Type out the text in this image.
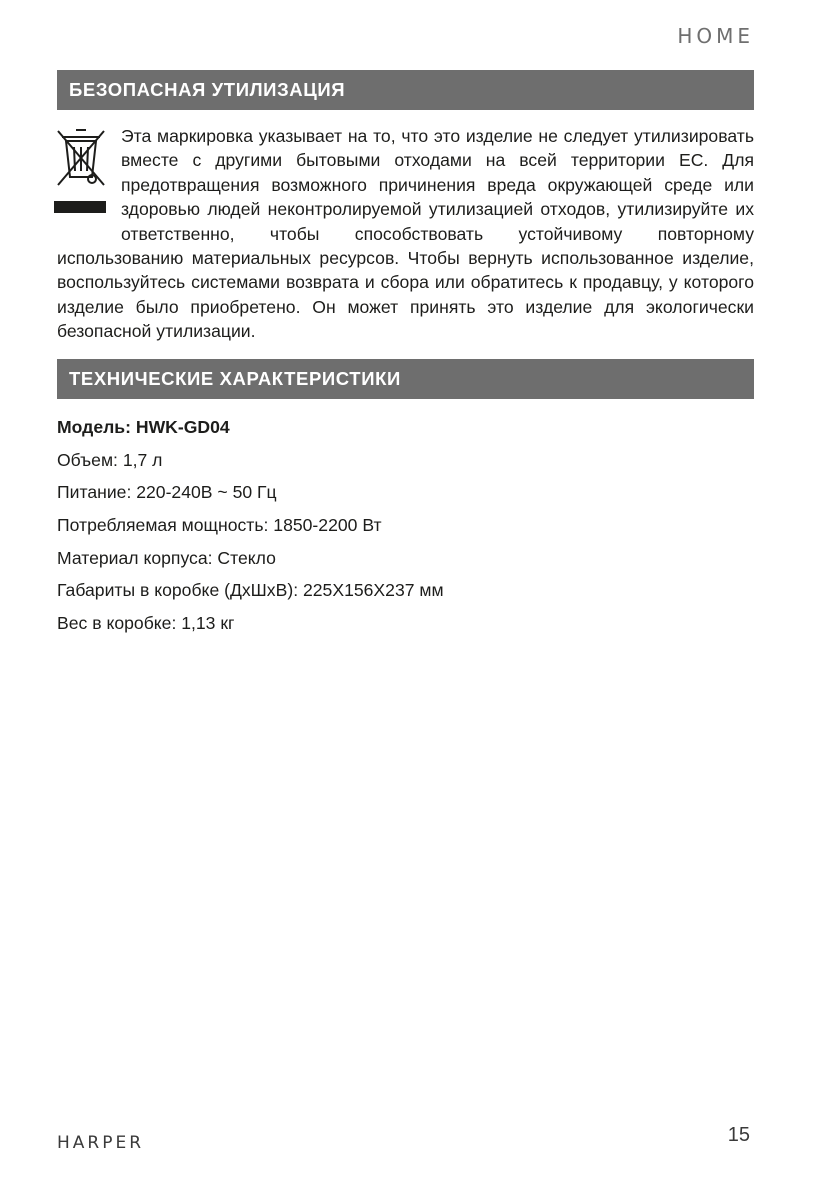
HOME
БЕЗОПАСНАЯ УТИЛИЗАЦИЯ

Эта маркировка указывает на то, что это изделие не следует утилизировать вместе с другими бытовыми отходами на всей территории ЕС. Для предотвращения возможного причинения вреда окружающей среде или здоровью людей неконтролируемой утилизацией отходов, утилизируйте их ответственно, чтобы способствовать устойчивому повторному использованию материальных ресурсов. Чтобы вернуть использованное изделие, воспользуйтесь системами возврата и сбора или обратитесь к продавцу, у которого изделие было приобретено. Он может принять это изделие для экологически безопасной утилизации.

ТЕХНИЧЕСКИЕ ХАРАКТЕРИСТИКИ
Модель: HWK-GD04
Объем: 1,7 л
Питание: 220-240В ~ 50 Гц
Потребляемая мощность: 1850-2200 Вт
Материал корпуса: Стекло
Габариты в коробке (ДхШхВ): 225X156X237 мм
Вес в коробке: 1,13 кг
HARPER	15
